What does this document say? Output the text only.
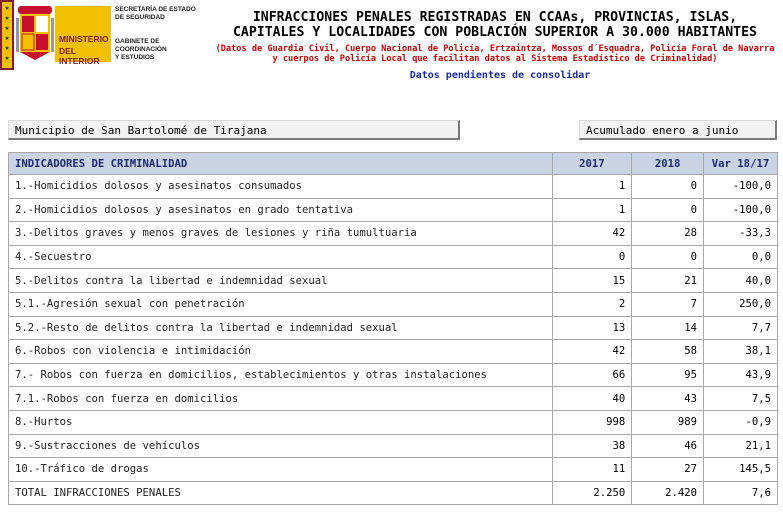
★
★
★
★
★
★
MINISTERIO
DEL INTERIOR
SECRETARÍA DE ESTADO
DE SEGURIDAD
GABINETE DE COORDINACIÓN
Y ESTUDIOS
INFRACCIONES PENALES REGISTRADAS EN CCAAs, PROVINCIAS, ISLAS,
CAPITALES Y LOCALIDADES CON POBLACIÓN SUPERIOR A 30.000 HABITANTES
(Datos de Guardia Civil, Cuerpo Nacional de Policía, Ertzaintza, Mossos d´Esquadra, Policía Foral de Navarra
y cuerpos de Policía Local que facilitan datos al Sistema Estadístico de Criminalidad)
Datos pendientes de consolidar
Municipio de San Bartolomé de Tirajana	Acumulado enero a junio
INDICADORES DE CRIMINALIDAD	2017	2018	Var 18/17
1.-Homicidios dolosos y asesinatos consumados	1	0	-100,0
2.-Homicidios dolosos y asesinatos en grado tentativa	1	0	-100,0
3.-Delitos graves y menos graves de lesiones y riña tumultuaria	42	28	-33,3
4.-Secuestro	0	0	0,0
5.-Delitos contra la libertad e indemnidad sexual	15	21	40,0
5.1.-Agresión sexual con penetración	2	7	250,0
5.2.-Resto de delitos contra la libertad e indemnidad sexual	13	14	7,7
6.-Robos con violencia e intimidación	42	58	38,1
7.- Robos con fuerza en domicilios, establecimientos y otras instalaciones	66	95	43,9
7.1.-Robos con fuerza en domicilios	40	43	7,5
8.-Hurtos	998	989	-0,9
9.-Sustracciones de vehículos	38	46	21,1
10.-Tráfico de drogas	11	27	145,5
TOTAL INFRACCIONES PENALES	2.250	2.420	7,6
